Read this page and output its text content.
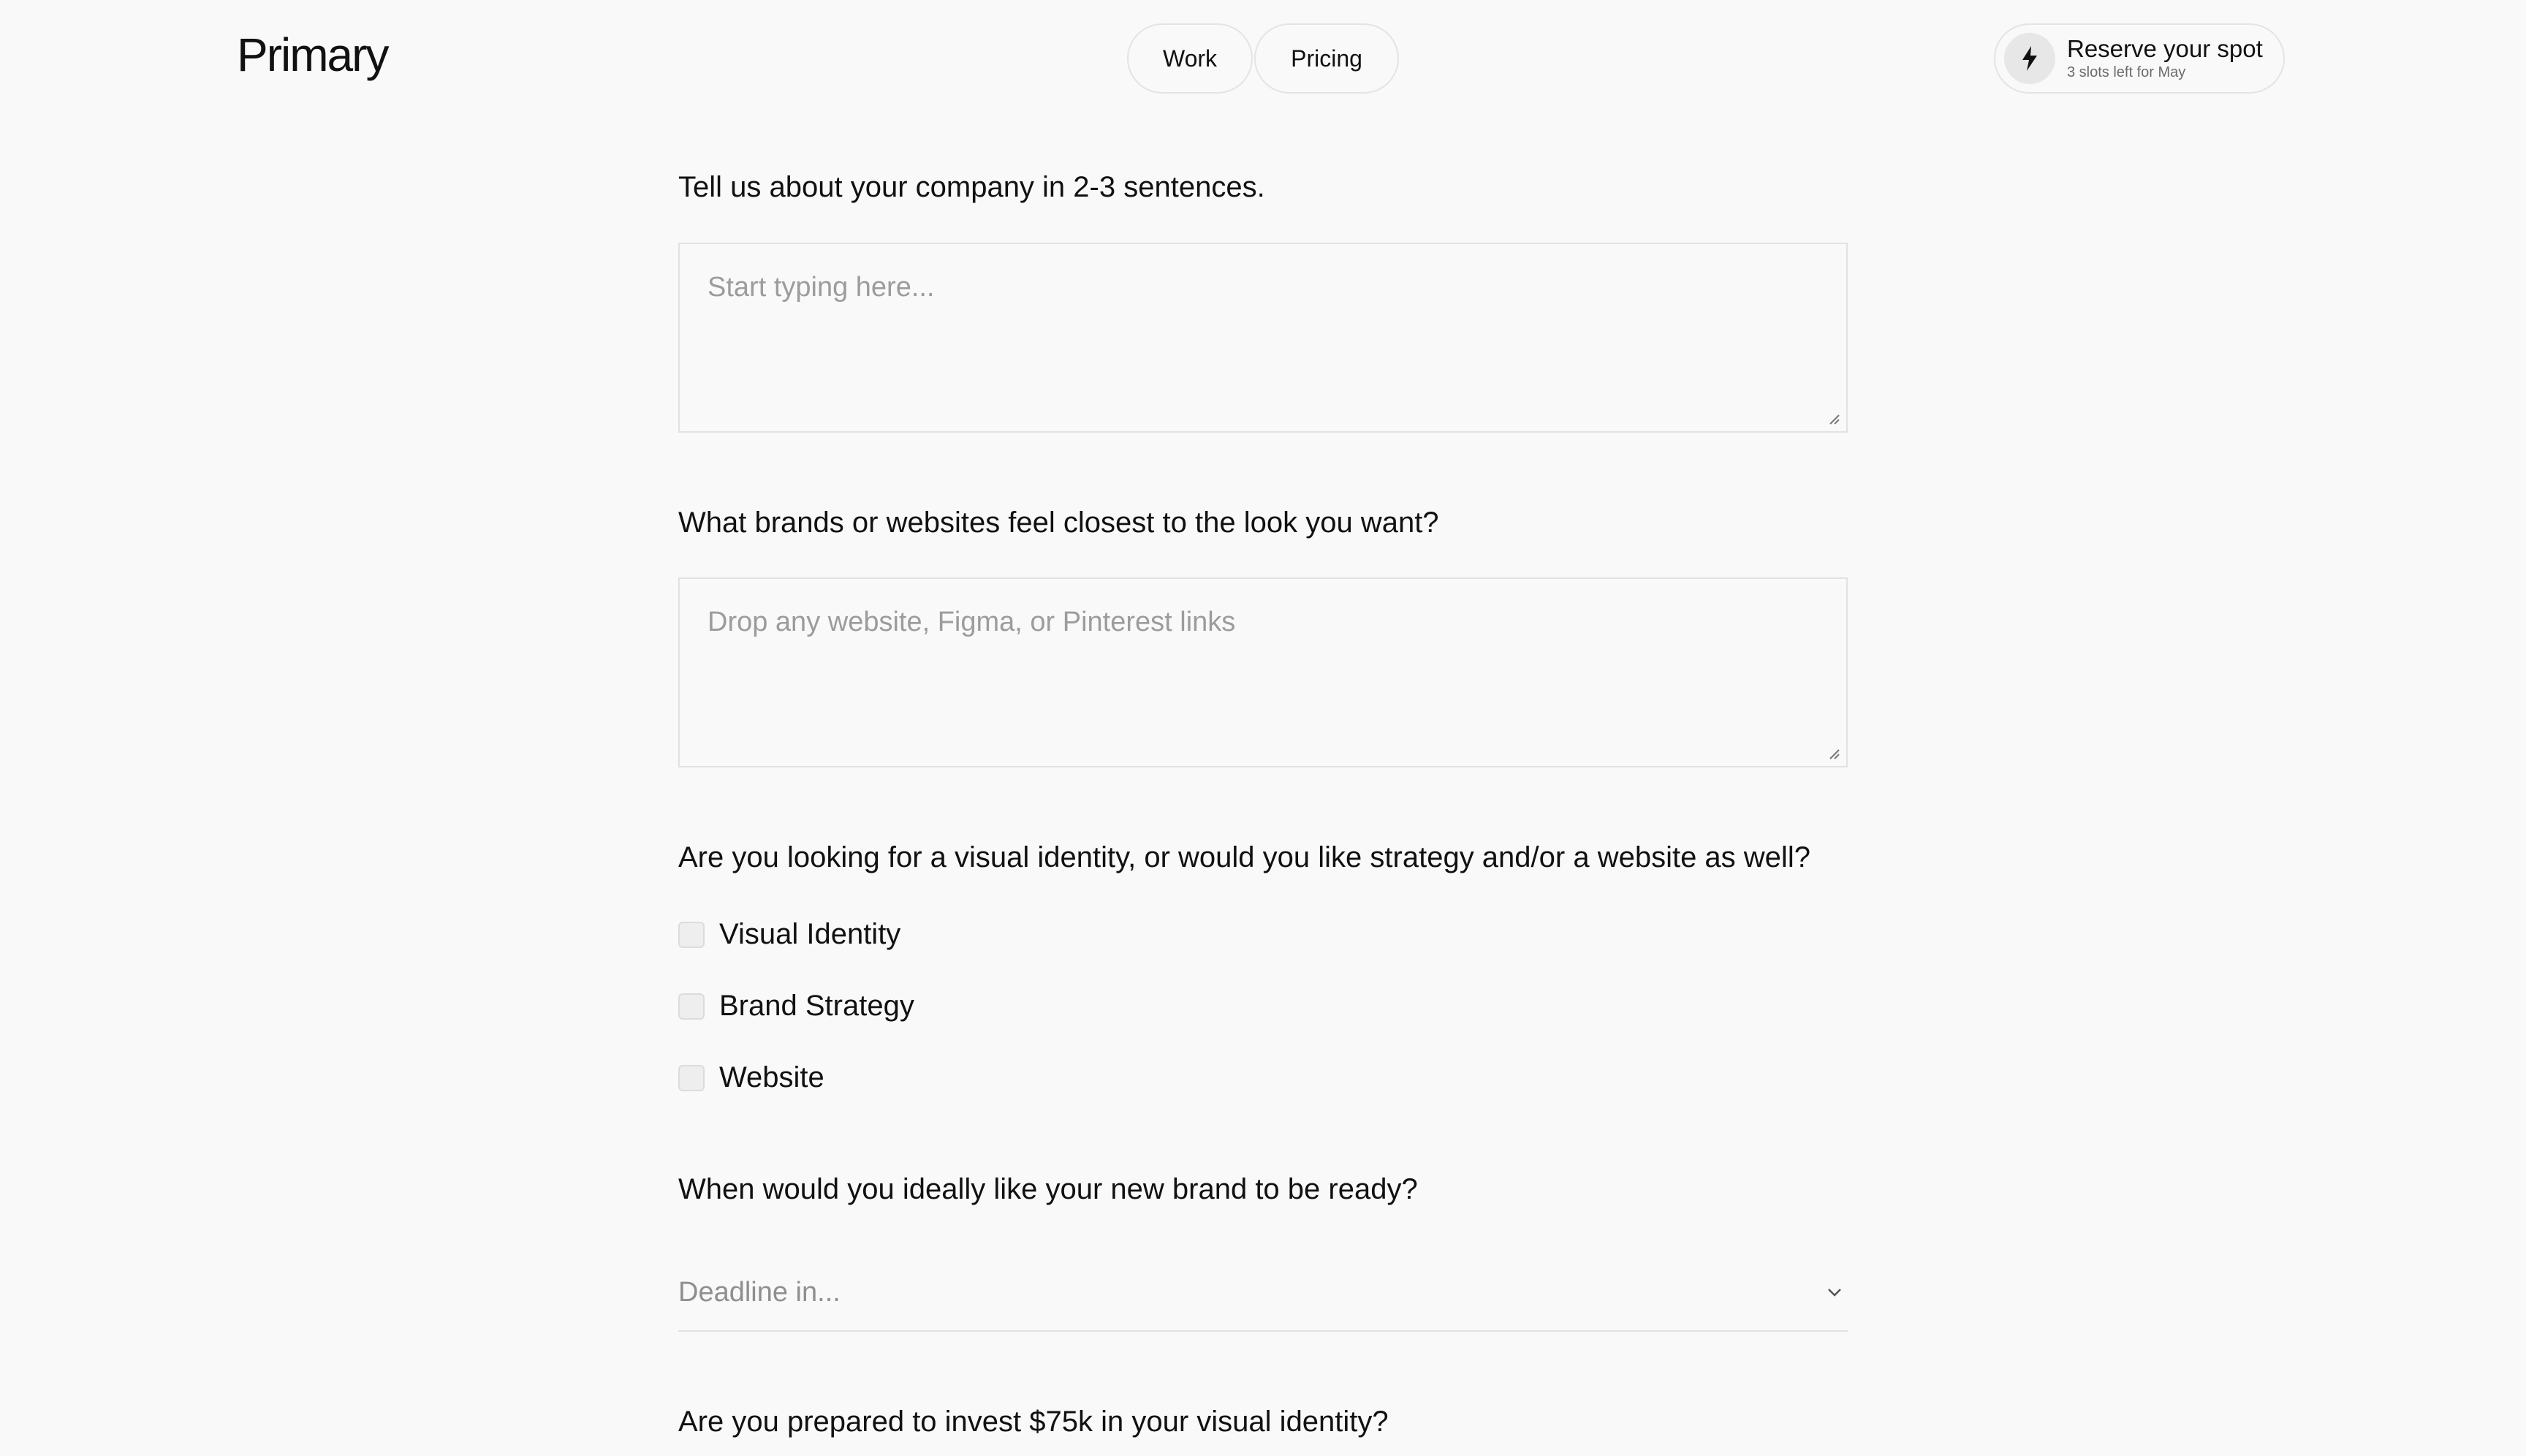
Primary	Work	Pricing	Reserve your spot
3 slots left for May
Tell us about your company in 2-3 sentences.
Start typing here...
What brands or websites feel closest to the look you want?
Drop any website, Figma, or Pinterest links
Are you looking for a visual identity, or would you like strategy and/or a website as well?
Visual Identity
Brand Strategy
Website
When would you ideally like your new brand to be ready?
Deadline in...
Are you prepared to invest $75k in your visual identity?
